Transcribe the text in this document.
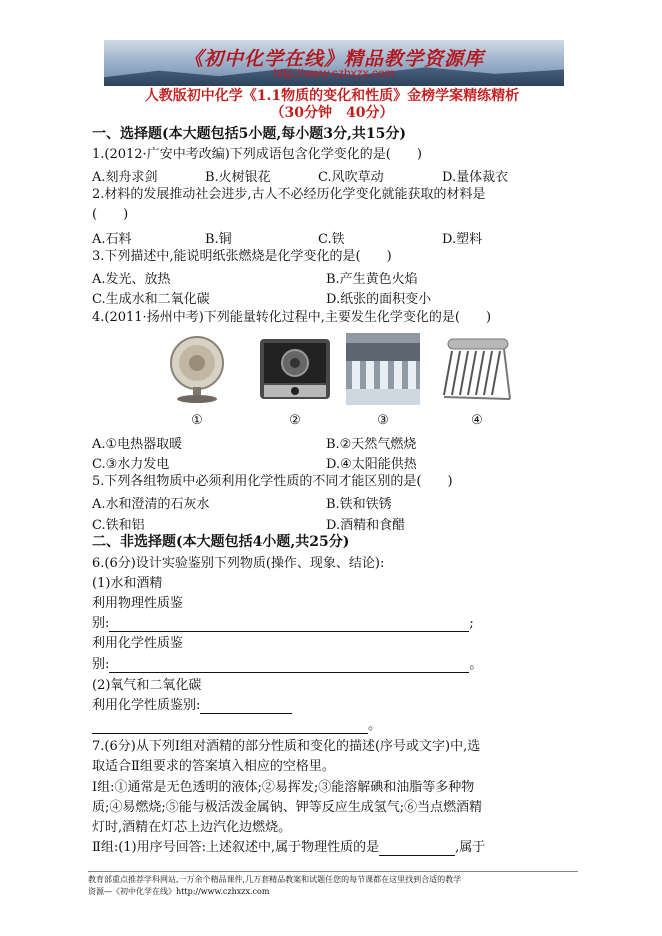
《初中化学在线》精品教学资源库
http://www.czhxzx.com
人教版初中化学《1.1物质的变化和性质》金榜学案精练精析
（30分钟　40分）
一、选择题(本大题包括5小题,每小题3分,共15分)
1.(2012·广安中考改编)下列成语包含化学变化的是(　　)
A.刻舟求剑	B.火树银花	C.风吹草动	D.量体裁衣
2.材料的发展推动社会进步,古人不必经历化学变化就能获取的材料是
(　　)
A.石料	B.铜	C.铁	D.塑料
3.下列描述中,能说明纸张燃烧是化学变化的是(　　)
A.发光、放热	B.产生黄色火焰
C.生成水和二氧化碳	D.纸张的面积变小
4.(2011·扬州中考)下列能量转化过程中,主要发生化学变化的是(　　)
①	②	③	④
A.①电热器取暖	B.②天然气燃烧
C.③水力发电	D.④太阳能供热
5.下列各组物质中必须利用化学性质的不同才能区别的是(　　)
A.水和澄清的石灰水	B.铁和铁锈
C.铁和铝	D.酒精和食醋
二、非选择题(本大题包括4小题,共25分)
6.(6分)设计实验鉴别下列物质(操作、现象、结论):
(1)水和酒精
利用物理性质鉴
别:	;
利用化学性质鉴
别:	。
(2)氧气和二氧化碳
利用化学性质鉴别:
。
7.(6分)从下列Ⅰ组对酒精的部分性质和变化的描述(序号或文字)中,选
取适合Ⅱ组要求的答案填入相应的空格里。
Ⅰ组:①通常是无色透明的液体;②易挥发;③能溶解碘和油脂等多种物
质;④易燃烧;⑤能与极活泼金属钠、钾等反应生成氢气;⑥当点燃酒精
灯时,酒精在灯芯上边汽化边燃烧。
Ⅱ组:(1)用序号回答:上述叙述中,属于物理性质的是	,属于
教育部重点推荐学科网站,一万余个精品课件,几万套精品教案和试题任您的每节课都在这里找到合适的教学
资源—《初中化学在线》http://www.czhxzx.com
